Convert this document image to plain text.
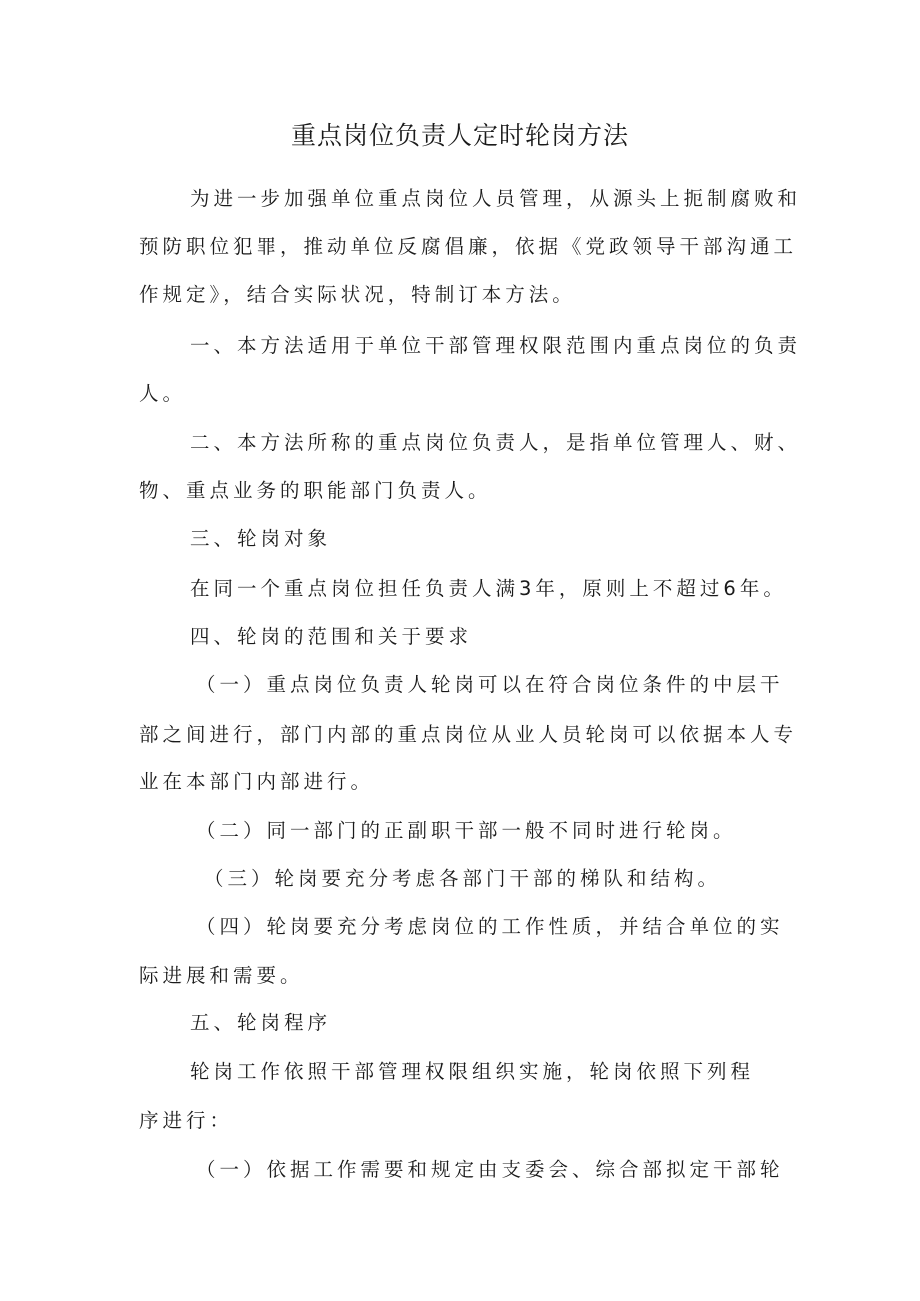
重点岗位负责人定时轮岗方法
为进一步加强单位重点岗位人员管理，从源头上扼制腐败和
预防职位犯罪，推动单位反腐倡廉，依据《党政领导干部沟通工
作规定》，结合实际状况，特制订本方法。
一、本方法适用于单位干部管理权限范围内重点岗位的负责
人。
二、本方法所称的重点岗位负责人，是指单位管理人、财、
物、重点业务的职能部门负责人。
三、轮岗对象
在同一个重点岗位担任负责人满3年，原则上不超过6年。
四、轮岗的范围和关于要求
（一）重点岗位负责人轮岗可以在符合岗位条件的中层干
部之间进行，部门内部的重点岗位从业人员轮岗可以依据本人专
业在本部门内部进行。
（二）同一部门的正副职干部一般不同时进行轮岗。
（三）轮岗要充分考虑各部门干部的梯队和结构。
（四）轮岗要充分考虑岗位的工作性质，并结合单位的实
际进展和需要。
五、轮岗程序
轮岗工作依照干部管理权限组织实施，轮岗依照下列程
序进行：
（一）依据工作需要和规定由支委会、综合部拟定干部轮
